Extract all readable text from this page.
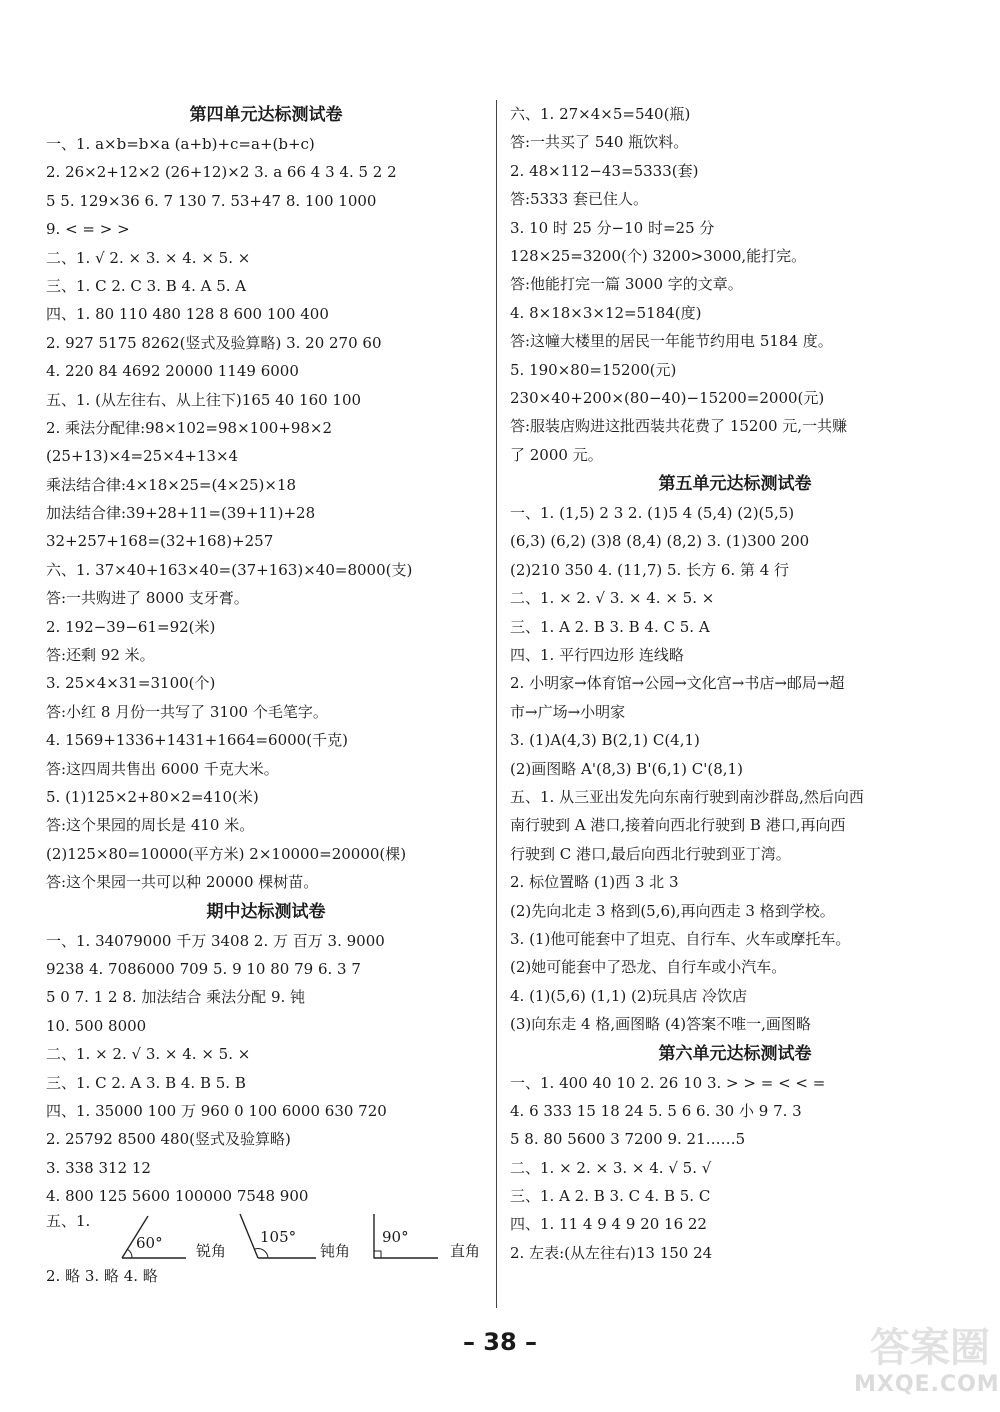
第四单元达标测试卷
一、1. a×b=b×a (a+b)+c=a+(b+c)
2. 26×2+12×2 (26+12)×2 3. a 66 4 3 4. 5 2 2
5 5. 129×36 6. 7 130 7. 53+47 8. 100 1000
9. < = > >
二、1. √ 2. × 3. × 4. × 5. ×
三、1. C 2. C 3. B 4. A 5. A
四、1. 80 110 480 128 8 600 100 400
2. 927 5175 8262(竖式及验算略) 3. 20 270 60
4. 220 84 4692 20000 1149 6000
五、1. (从左往右、从上往下)165 40 160 100
2. 乘法分配律:98×102=98×100+98×2
(25+13)×4=25×4+13×4
乘法结合律:4×18×25=(4×25)×18
加法结合律:39+28+11=(39+11)+28
32+257+168=(32+168)+257
六、1. 37×40+163×40=(37+163)×40=8000(支)
答:一共购进了 8000 支牙膏。
2. 192−39−61=92(米)
答:还剩 92 米。
3. 25×4×31=3100(个)
答:小红 8 月份一共写了 3100 个毛笔字。
4. 1569+1336+1431+1664=6000(千克)
答:这四周共售出 6000 千克大米。
5. (1)125×2+80×2=410(米)
答:这个果园的周长是 410 米。
(2)125×80=10000(平方米) 2×10000=20000(棵)
答:这个果园一共可以种 20000 棵树苗。
期中达标测试卷
一、1. 34079000 千万 3408 2. 万 百万 3. 9000
9238 4. 7086000 709 5. 9 10 80 79 6. 3 7
5 0 7. 1 2 8. 加法结合 乘法分配 9. 钝
10. 500 8000
二、1. × 2. √ 3. × 4. × 5. ×
三、1. C 2. A 3. B 4. B 5. B
四、1. 35000 100 万 960 0 100 6000 630 720
2. 25792 8500 480(竖式及验算略)
3. 338 312 12
4. 800 125 5600 100000 7548 900
五、1.
60° 锐角
105°
钝角
90°
直角
2. 略 3. 略 4. 略
六、1. 27×4×5=540(瓶)
答:一共买了 540 瓶饮料。
2. 48×112−43=5333(套)
答:5333 套已住人。
3. 10 时 25 分−10 时=25 分
128×25=3200(个) 3200>3000,能打完。
答:他能打完一篇 3000 字的文章。
4. 8×18×3×12=5184(度)
答:这幢大楼里的居民一年能节约用电 5184 度。
5. 190×80=15200(元)
230×40+200×(80−40)−15200=2000(元)
答:服装店购进这批西装共花费了 15200 元,一共赚
了 2000 元。
第五单元达标测试卷
一、1. (1,5) 2 3 2. (1)5 4 (5,4) (2)(5,5)
(6,3) (6,2) (3)8 (8,4) (8,2) 3. (1)300 200
(2)210 350 4. (11,7) 5. 长方 6. 第 4 行
二、1. × 2. √ 3. × 4. × 5. ×
三、1. A 2. B 3. B 4. C 5. A
四、1. 平行四边形 连线略
2. 小明家→体育馆→公园→文化宫→书店→邮局→超
市→广场→小明家
3. (1)A(4,3) B(2,1) C(4,1)
(2)画图略 A'(8,3) B'(6,1) C'(8,1)
五、1. 从三亚出发先向东南行驶到南沙群岛,然后向西
南行驶到 A 港口,接着向西北行驶到 B 港口,再向西
行驶到 C 港口,最后向西北行驶到亚丁湾。
2. 标位置略 (1)西 3 北 3
(2)先向北走 3 格到(5,6),再向西走 3 格到学校。
3. (1)他可能套中了坦克、自行车、火车或摩托车。
(2)她可能套中了恐龙、自行车或小汽车。
4. (1)(5,6) (1,1) (2)玩具店 冷饮店
(3)向东走 4 格,画图略 (4)答案不唯一,画图略
第六单元达标测试卷
一、1. 400 40 10 2. 26 10 3. > > = < < =
4. 6 333 15 18 24 5. 5 6 6. 30 小 9 7. 3
5 8. 80 5600 3 7200 9. 21……5
二、1. × 2. × 3. × 4. √ 5. √
三、1. A 2. B 3. C 4. B 5. C
四、1. 11 4 9 4 9 20 16 22
2. 左表:(从左往右)13 150 24
– 38 –	答案圈
MXQE.COM
